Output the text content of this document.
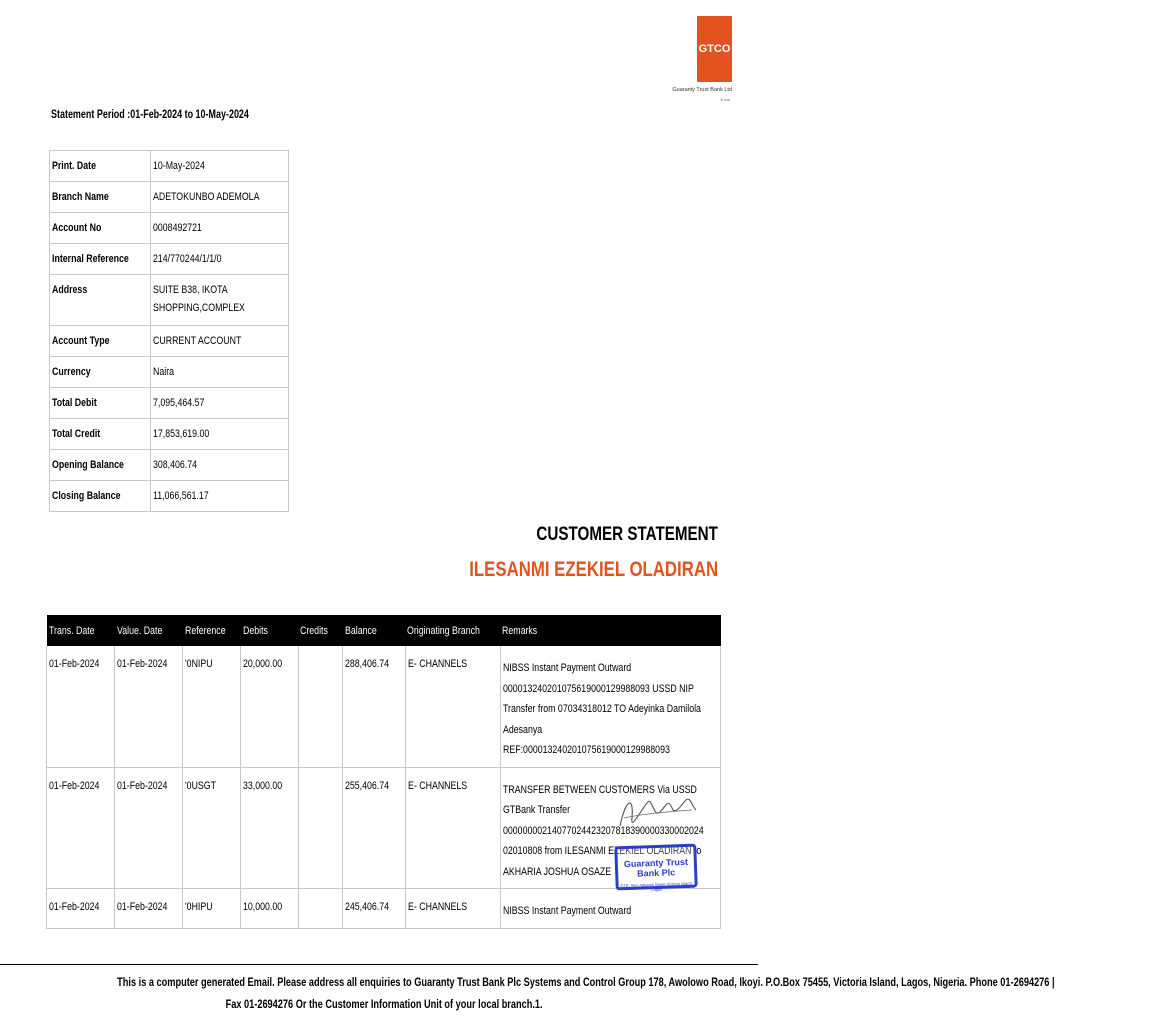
GTCO
Guaranty Trust Bank Ltd
K nor
Statement Period :01-Feb-2024 to 10-May-2024
Print. Date	10-May-2024
Branch Name	ADETOKUNBO ADEMOLA
Account No	0008492721
Internal Reference	214/770244/1/1/0
Address	SUITE B38, IKOTA
SHOPPING,COMPLEX
Account Type	CURRENT ACCOUNT
Currency	Naira
Total Debit	7,095,464.57
Total Credit	17,853,619.00
Opening Balance	308,406.74
Closing Balance	11,066,561.17
CUSTOMER STATEMENT
ILESANMI EZEKIEL OLADIRAN
Trans. Date	Value. Date	Reference	Debits	Credits	Balance	Originating Branch	Remarks
01-Feb-2024	01-Feb-2024	'0NIPU	20,000.00		288,406.74	E- CHANNELS	NIBSS Instant Payment Outward
000013240201075619000129988093 USSD NIP
Transfer from 07034318012 TO Adeyinka Damilola
Adesanya
REF:000013240201075619000129988093

01-Feb-2024	01-Feb-2024	'0USGT	33,000.00		255,406.74	E- CHANNELS	TRANSFER BETWEEN CUSTOMERS Via USSD
GTBank Transfer
00000000214077024423207818390000330002024
02010808 from ILESANMI EZEKIEL OLADIRAN to
AKHARIA JOSHUA OSAZE

01-Feb-2024	01-Feb-2024	'0HIPU	10,000.00		245,406.74	E- CHANNELS	NIBSS Instant Payment Outward
Guaranty Trust Bank Plc
GTE, Akin Adesola Street Victoria Island, Lagos
This is a computer generated Email. Please address all enquiries to Guaranty Trust Bank Plc Systems and Control Group 178, Awolowo Road, Ikoyi. P.O.Box 75455, Victoria Island, Lagos, Nigeria. Phone 01-2694276 |
Fax 01-2694276 Or the Customer Information Unit of your local branch.1.
